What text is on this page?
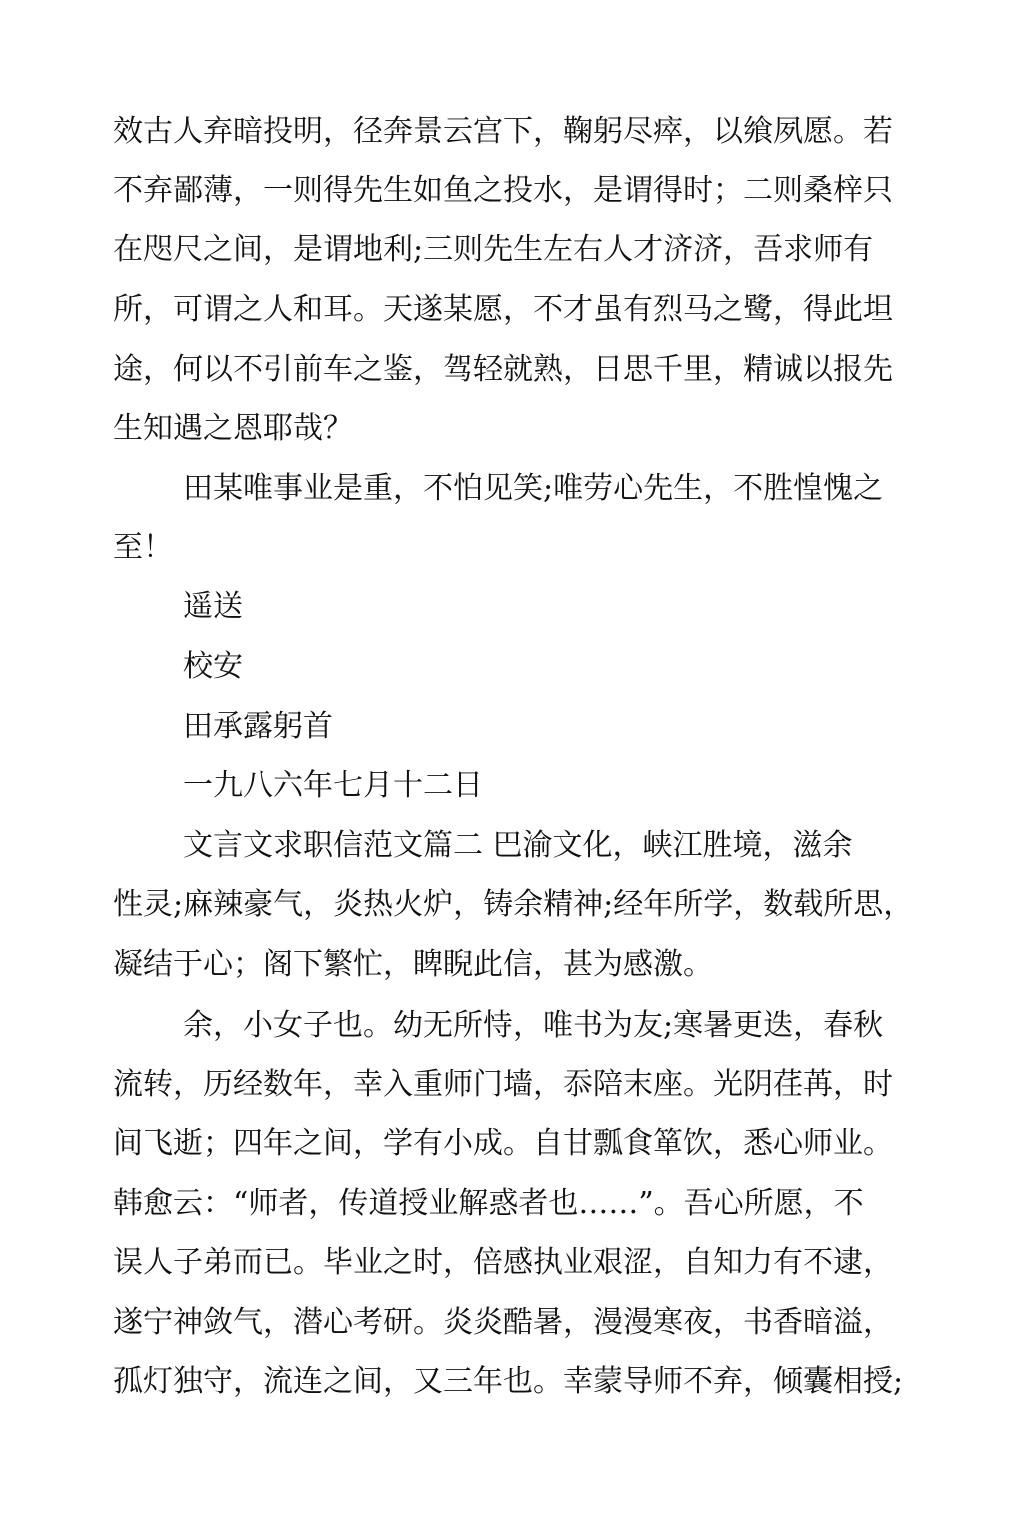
效古人弃暗投明，径奔景云宫下，鞠躬尽瘁，以飨夙愿。若
不弃鄙薄，一则得先生如鱼之投水，是谓得时；二则桑梓只
在咫尺之间，是谓地利;三则先生左右人才济济，吾求师有
所，可谓之人和耳。天遂某愿，不才虽有烈马之鹭，得此坦
途，何以不引前车之鉴，驾轻就熟，日思千里，精诚以报先
生知遇之恩耶哉？
田某唯事业是重，不怕见笑;唯劳心先生，不胜惶愧之
至！
遥送
校安
田承露躬首
一九八六年七月十二日
文言文求职信范文篇二 巴渝文化，峡江胜境，滋余
性灵;麻辣豪气，炎热火炉，铸余精神;经年所学，数载所思，
凝结于心；阁下繁忙，睥睨此信，甚为感激。
余，小女子也。幼无所恃，唯书为友;寒暑更迭，春秋
流转，历经数年，幸入重师门墙，忝陪末座。光阴荏苒，时
间飞逝；四年之间，学有小成。自甘瓢食箪饮，悉心师业。
韩愈云：“师者，传道授业解惑者也……”。吾心所愿，不
误人子弟而已。毕业之时，倍感执业艰涩，自知力有不逮，
遂宁神敛气，潜心考研。炎炎酷暑，漫漫寒夜，书香暗溢，
孤灯独守，流连之间，又三年也。幸蒙导师不弃，倾囊相授;
